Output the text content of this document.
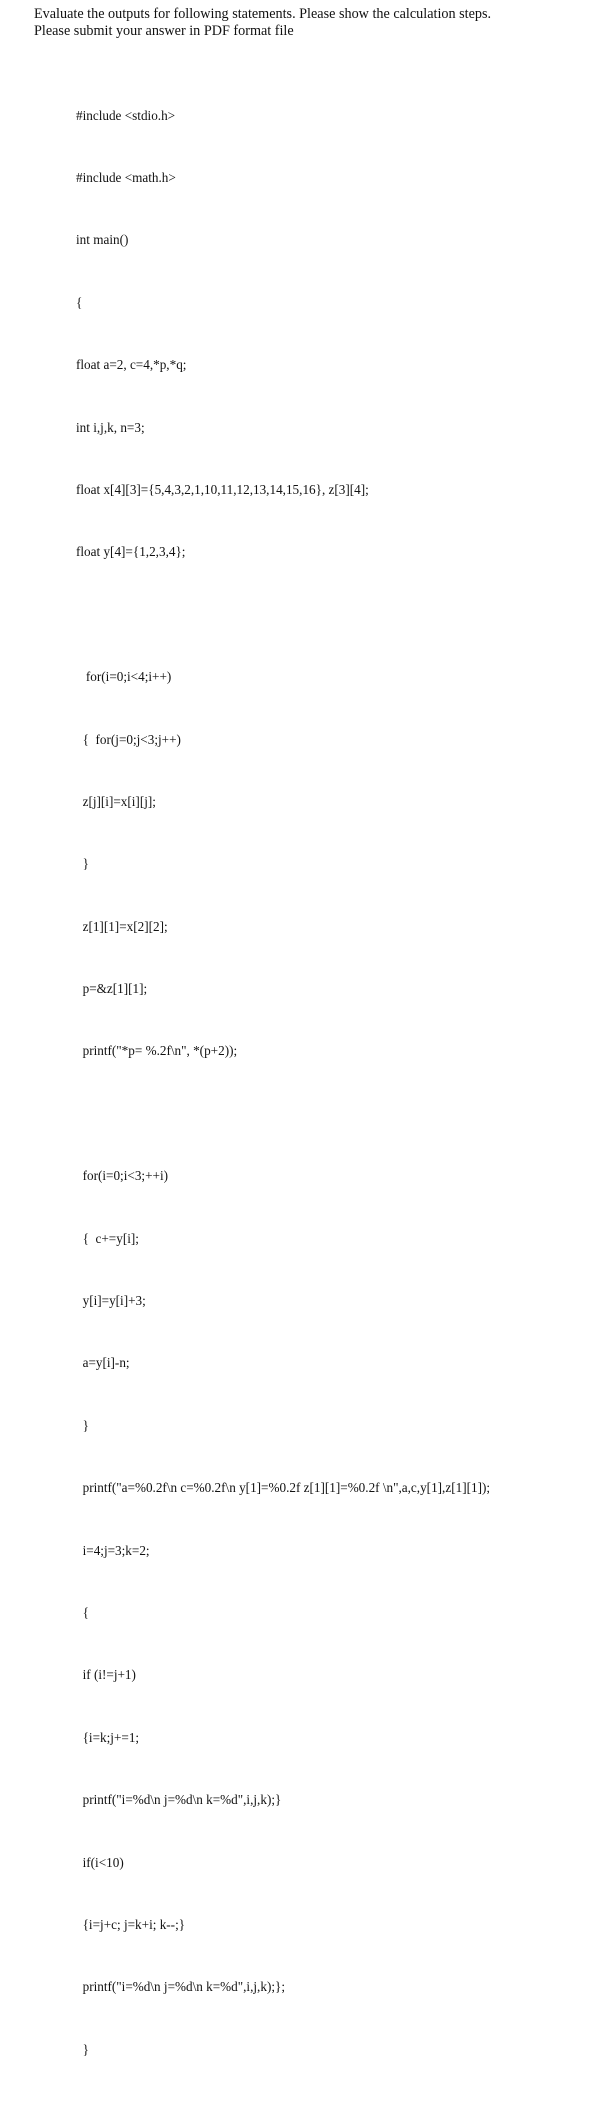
Evaluate the outputs for following statements. Please show the calculation steps.
Please submit your answer in PDF format file

#include <stdio.h>

#include <math.h>

int main()

{

float a=2, c=4,*p,*q;

int i,j,k, n=3;

float x[4][3]={5,4,3,2,1,10,11,12,13,14,15,16}, z[3][4];

float y[4]={1,2,3,4};

for(i=0;i<4;i++)

{  for(j=0;j<3;j++)

z[j][i]=x[i][j];

}

z[1][1]=x[2][2];

p=&z[1][1];

printf("*p= %.2f\n", *(p+2));

for(i=0;i<3;++i)

{  c+=y[i];

y[i]=y[i]+3;

a=y[i]-n;

}

printf("a=%0.2f\n c=%0.2f\n y[1]=%0.2f z[1][1]=%0.2f \n",a,c,y[1],z[1][1]);

i=4;j=3;k=2;

{

if (i!=j+1)

{i=k;j+=1;

printf("i=%d\n j=%d\n k=%d",i,j,k);}

if(i<10)

{i=j+c; j=k+i; k--;}

printf("i=%d\n j=%d\n k=%d",i,j,k);};

}
